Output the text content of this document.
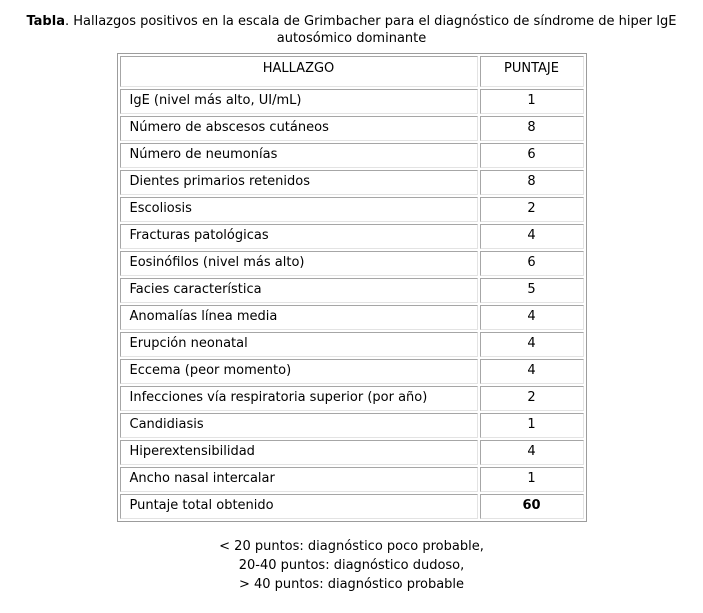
Tabla. Hallazgos positivos en la escala de Grimbacher para el diagnóstico de síndrome de hiper IgE
autosómico dominante
HALLAZGO	PUNTAJE
IgE (nivel más alto, UI/mL)	1
Número de abscesos cutáneos	8
Número de neumonías	6
Dientes primarios retenidos	8
Escoliosis	2
Fracturas patológicas	4
Eosinófilos (nivel más alto)	6
Facies característica	5
Anomalías línea media	4
Erupción neonatal	4
Eccema (peor momento)	4
Infecciones vía respiratoria superior (por año)	2
Candidiasis	1
Hiperextensibilidad	4
Ancho nasal intercalar	1
Puntaje total obtenido	60
< 20 puntos: diagnóstico poco probable,
20-40 puntos: diagnóstico dudoso,
> 40 puntos: diagnóstico probable
